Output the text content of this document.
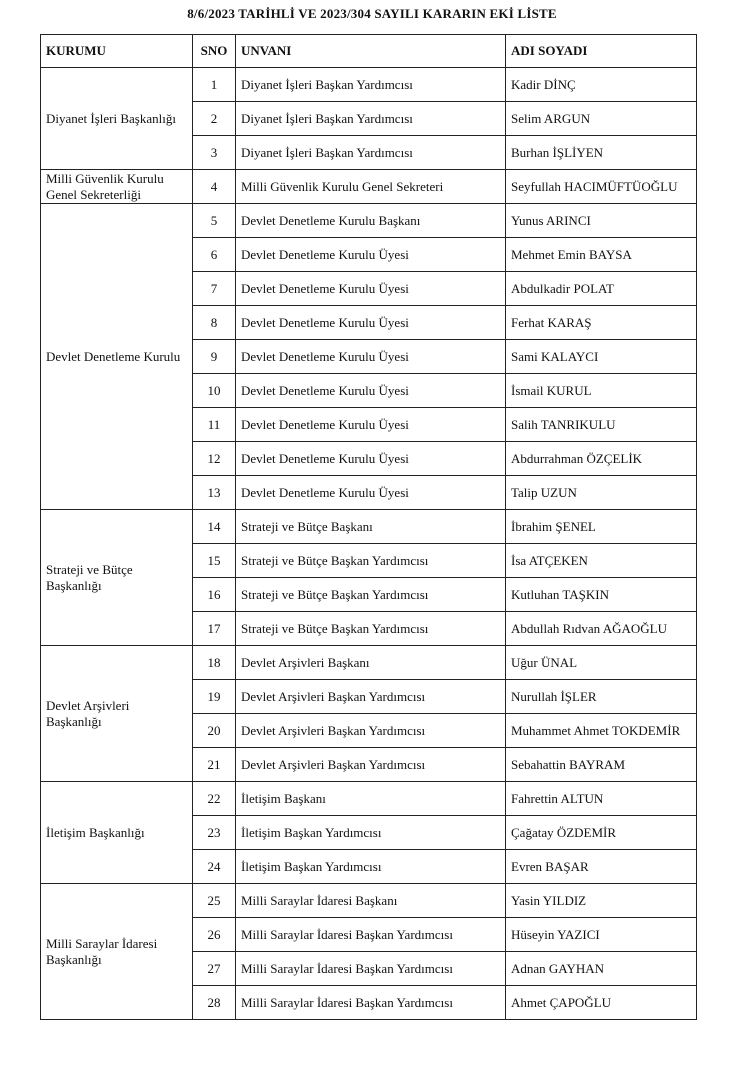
8/6/2023 TARİHLİ VE 2023/304 SAYILI KARARIN EKİ LİSTE
KURUMU	SNO	UNVANI	ADI SOYADI
Diyanet İşleri Başkanlığı	1	Diyanet İşleri Başkan Yardımcısı	Kadir DİNÇ
	2	Diyanet İşleri Başkan Yardımcısı	Selim ARGUN
	3	Diyanet İşleri Başkan Yardımcısı	Burhan İŞLİYEN
Milli Güvenlik Kurulu Genel Sekreterliği	4	Milli Güvenlik Kurulu Genel Sekreteri	Seyfullah HACIMÜFTÜOĞLU
Devlet Denetleme Kurulu	5	Devlet Denetleme Kurulu Başkanı	Yunus ARINCI
	6	Devlet Denetleme Kurulu Üyesi	Mehmet Emin BAYSA
	7	Devlet Denetleme Kurulu Üyesi	Abdulkadir POLAT
	8	Devlet Denetleme Kurulu Üyesi	Ferhat KARAŞ
	9	Devlet Denetleme Kurulu Üyesi	Sami KALAYCI
	10	Devlet Denetleme Kurulu Üyesi	İsmail KURUL
	11	Devlet Denetleme Kurulu Üyesi	Salih TANRIKULU
	12	Devlet Denetleme Kurulu Üyesi	Abdurrahman ÖZÇELİK
	13	Devlet Denetleme Kurulu Üyesi	Talip UZUN
Strateji ve Bütçe Başkanlığı	14	Strateji ve Bütçe Başkanı	İbrahim ŞENEL
	15	Strateji ve Bütçe Başkan Yardımcısı	İsa ATÇEKEN
	16	Strateji ve Bütçe Başkan Yardımcısı	Kutluhan TAŞKIN
	17	Strateji ve Bütçe Başkan Yardımcısı	Abdullah Rıdvan AĞAOĞLU
Devlet Arşivleri Başkanlığı	18	Devlet Arşivleri Başkanı	Uğur ÜNAL
	19	Devlet Arşivleri Başkan Yardımcısı	Nurullah İŞLER
	20	Devlet Arşivleri Başkan Yardımcısı	Muhammet Ahmet TOKDEMİR
	21	Devlet Arşivleri Başkan Yardımcısı	Sebahattin BAYRAM
İletişim Başkanlığı	22	İletişim Başkanı	Fahrettin ALTUN
	23	İletişim Başkan Yardımcısı	Çağatay ÖZDEMİR
	24	İletişim Başkan Yardımcısı	Evren BAŞAR
Milli Saraylar İdaresi Başkanlığı	25	Milli Saraylar İdaresi Başkanı	Yasin YILDIZ
	26	Milli Saraylar İdaresi Başkan Yardımcısı	Hüseyin YAZICI
	27	Milli Saraylar İdaresi Başkan Yardımcısı	Adnan GAYHAN
	28	Milli Saraylar İdaresi Başkan Yardımcısı	Ahmet ÇAPOĞLU
